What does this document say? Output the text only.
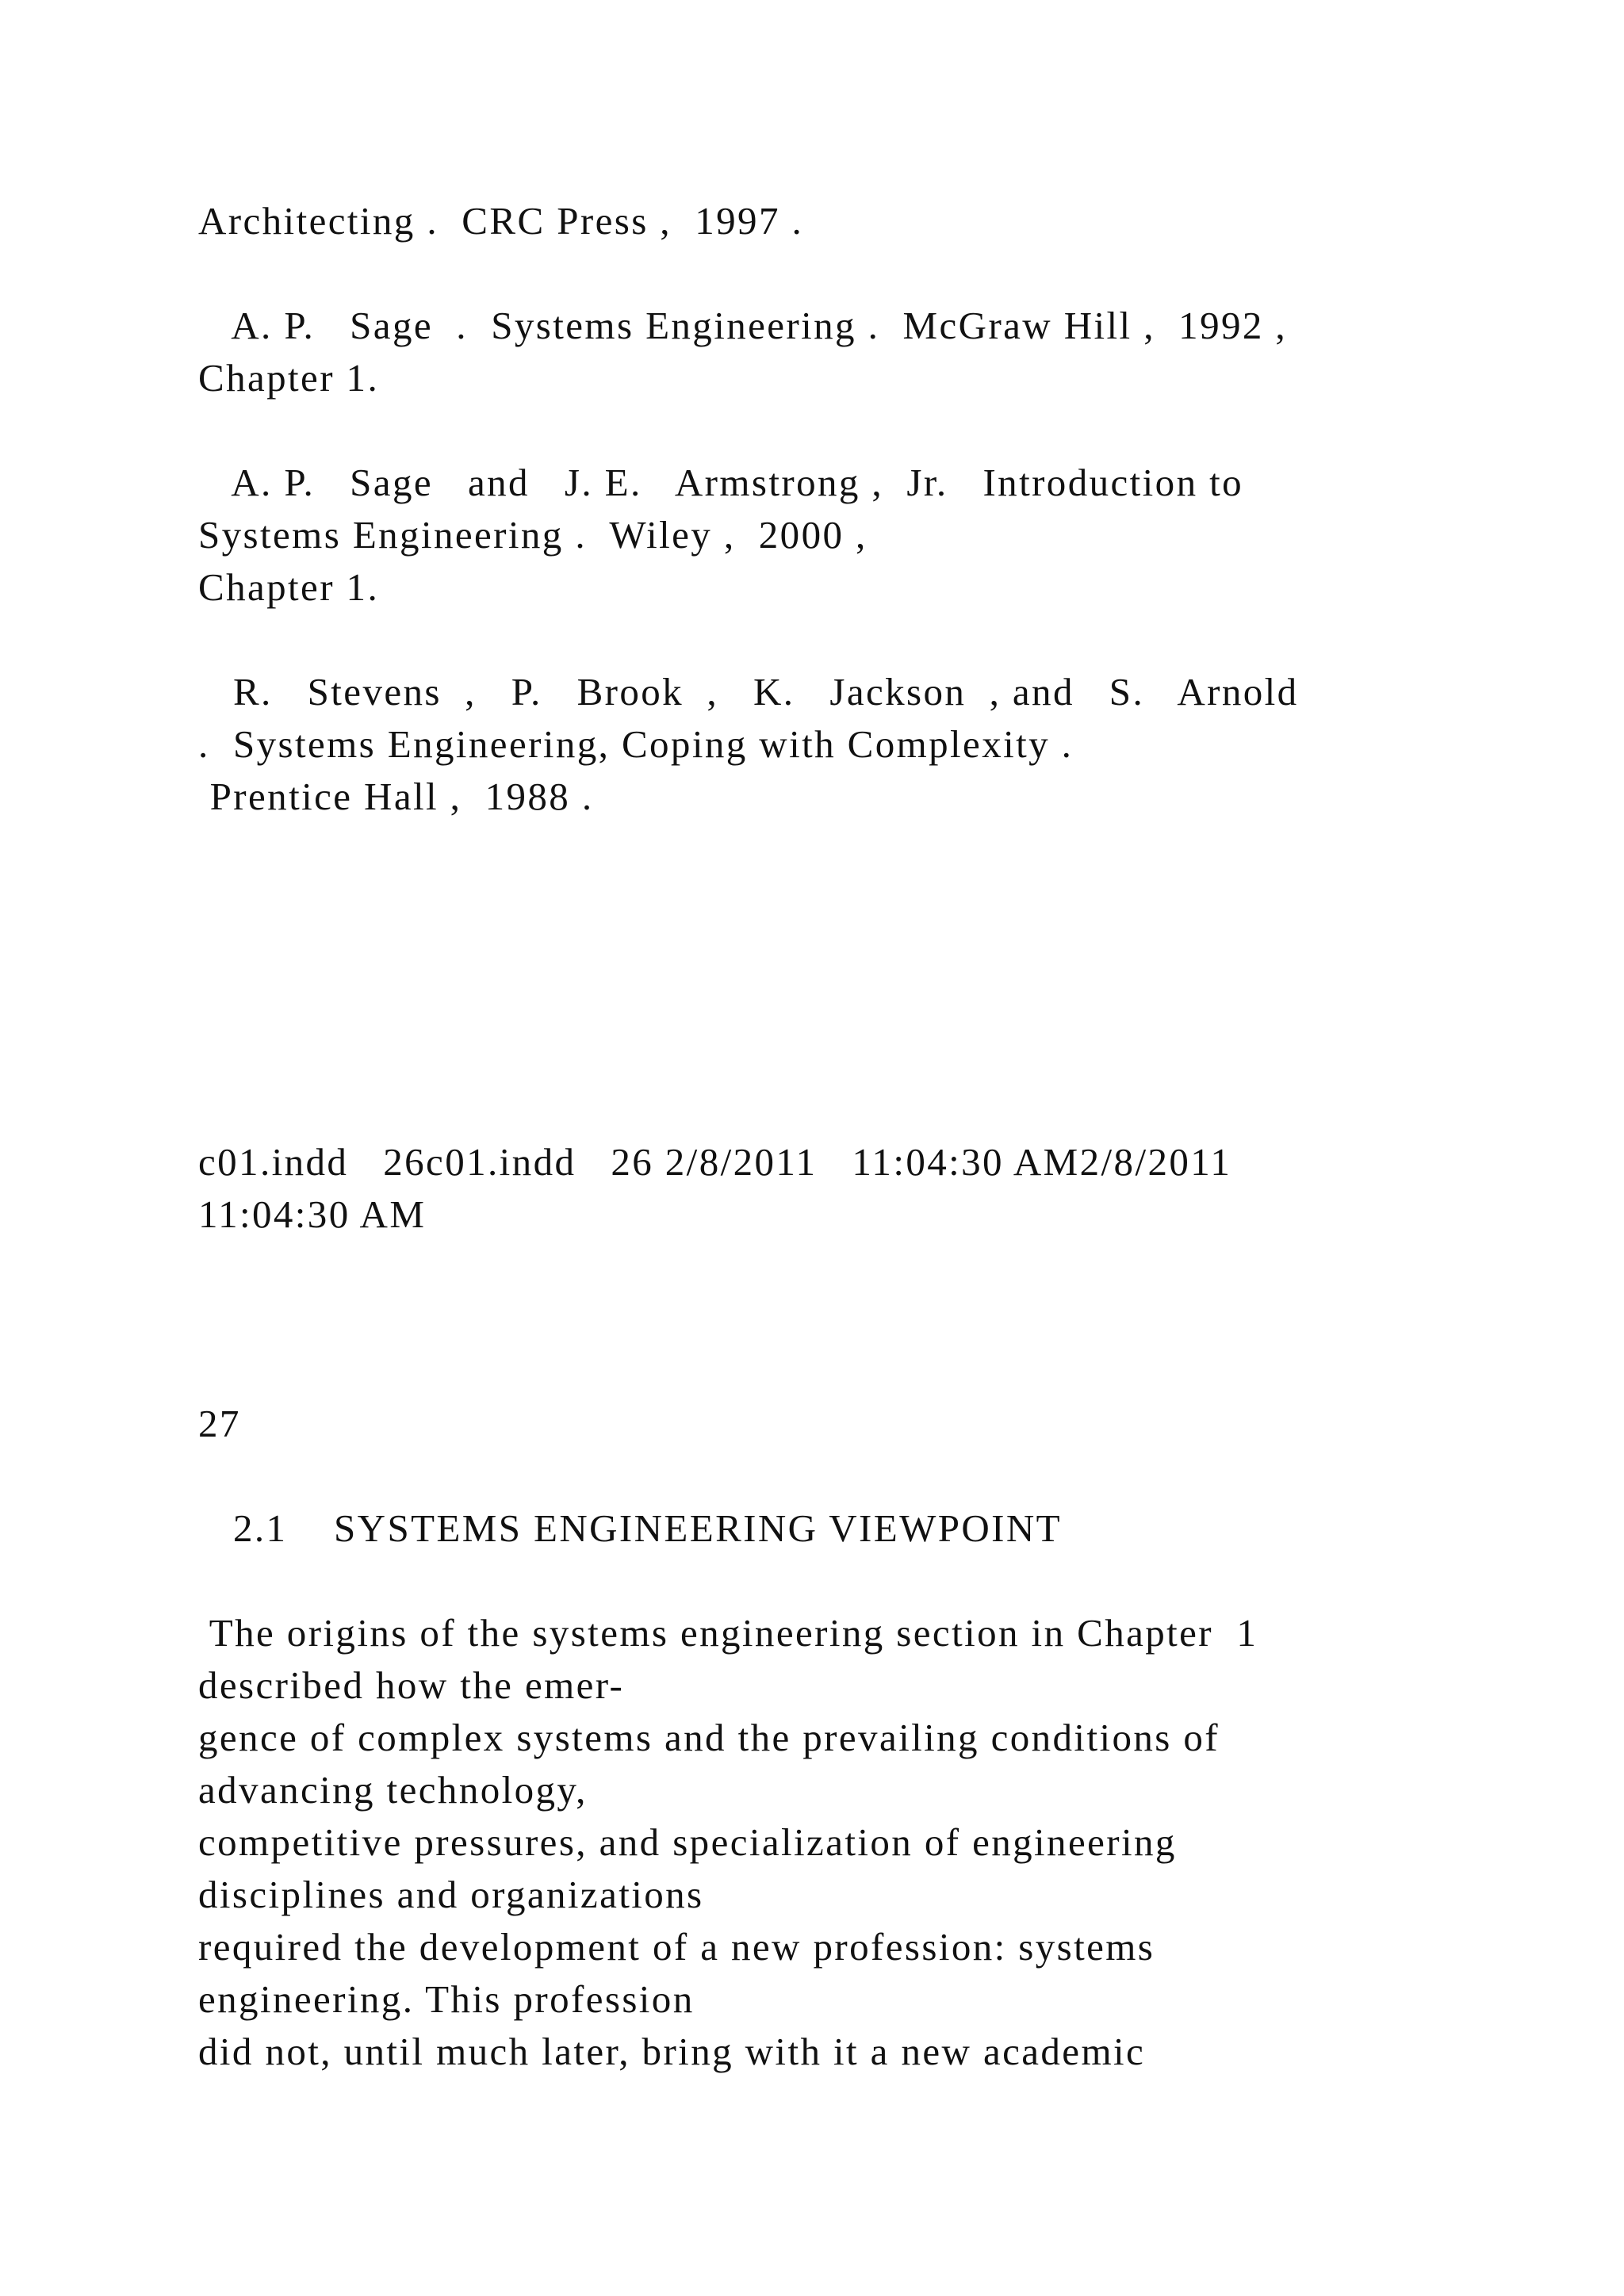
Architecting .  CRC Press ,  1997 .

A. P.   Sage  .  Systems Engineering .  McGraw Hill ,  1992 ,

Chapter 1.

A. P.   Sage   and   J. E.   Armstrong ,  Jr.   Introduction to

Systems Engineering .  Wiley ,  2000 ,

Chapter 1.

R.   Stevens  ,   P.   Brook  ,   K.   Jackson  , and   S.   Arnold

.  Systems Engineering, Coping with Complexity .

Prentice Hall ,  1988 .

c01.indd   26c01.indd   26 2/8/2011   11:04:30 AM2/8/2011

11:04:30 AM

27

2.1    SYSTEMS ENGINEERING VIEWPOINT

The origins of the systems engineering section in Chapter  1

described how the emer-

gence of complex systems and the prevailing conditions of

advancing technology,

competitive pressures, and specialization of engineering

disciplines and organizations

required the development of a new profession: systems

engineering. This profession

did not, until much later, bring with it a new academic
